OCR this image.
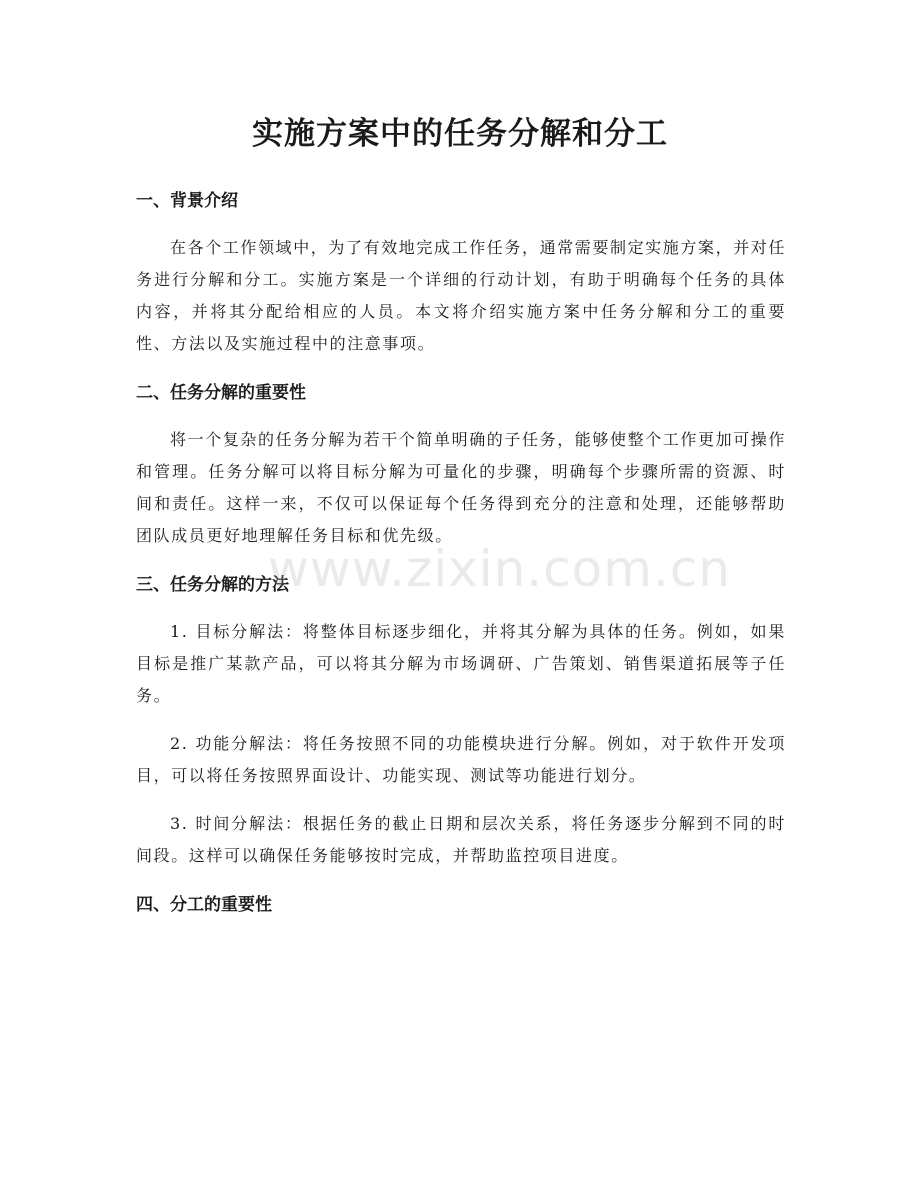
实施方案中的任务分解和分工
一、背景介绍

在各个工作领域中，为了有效地完成工作任务，通常需要制定实施方案，并对任务进行分解和分工。实施方案是一个详细的行动计划，有助于明确每个任务的具体内容，并将其分配给相应的人员。本文将介绍实施方案中任务分解和分工的重要性、方法以及实施过程中的注意事项。

二、任务分解的重要性

将一个复杂的任务分解为若干个简单明确的子任务，能够使整个工作更加可操作和管理。任务分解可以将目标分解为可量化的步骤，明确每个步骤所需的资源、时间和责任。这样一来，不仅可以保证每个任务得到充分的注意和处理，还能够帮助团队成员更好地理解任务目标和优先级。

三、任务分解的方法

1. 目标分解法：将整体目标逐步细化，并将其分解为具体的任务。例如，如果目标是推广某款产品，可以将其分解为市场调研、广告策划、销售渠道拓展等子任务。

2. 功能分解法：将任务按照不同的功能模块进行分解。例如，对于软件开发项目，可以将任务按照界面设计、功能实现、测试等功能进行划分。

3. 时间分解法：根据任务的截止日期和层次关系，将任务逐步分解到不同的时间段。这样可以确保任务能够按时完成，并帮助监控项目进度。

四、分工的重要性
www.zixin.com.cn
